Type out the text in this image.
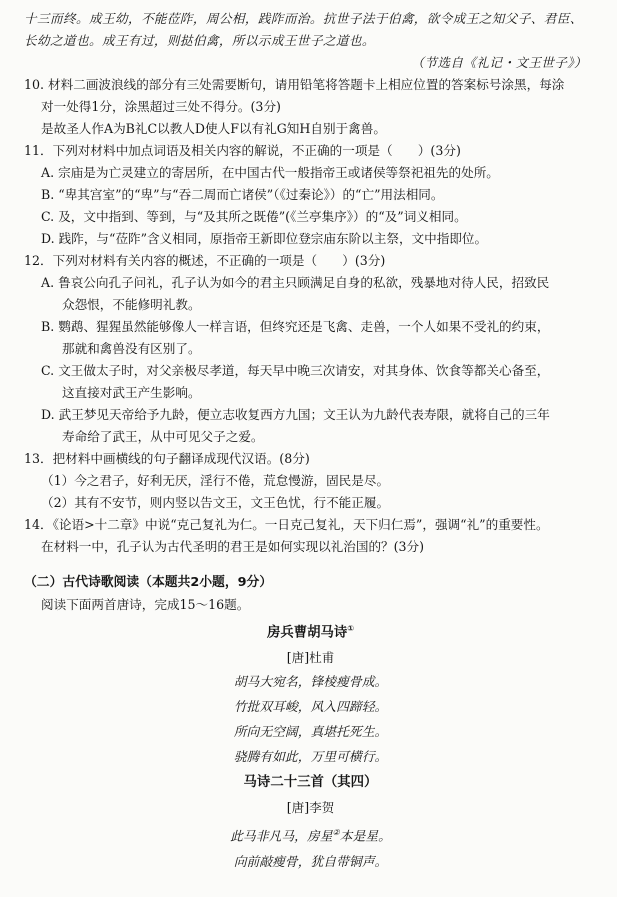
十三而终。成王幼，不能莅阼，周公相，践阼而治。抗世子法于伯禽，欲令成王之知父子、君臣、

长幼之道也。成王有过，则挞伯禽，所以示成王世子之道也。

（节选自《礼记・文王世子》）

10. 材料二画波浪线的部分有三处需要断句，请用铅笔将答题卡上相应位置的答案标号涂黑，每涂

对一处得1分，涂黑超过三处不得分。(3分)

是故圣人作A为B礼C以教人D使人F以有礼G知H自别于禽兽。

11．下列对材料中加点词语及相关内容的解说，不正确的一项是（　　）(3分)

A. 宗庙是为亡灵建立的寄居所，在中国古代一般指帝王或诸侯等祭祀祖先的处所。

B. “卑其宫室”的“卑”与“吞二周而亡诸侯”（《过秦论》）的“亡”用法相同。

C. 及，文中指到、等到，与“及其所之既倦”(《兰亭集序》）的“及”词义相同。

D. 践阼，与“莅阼”含义相同，原指帝王新即位登宗庙东阶以主祭，文中指即位。

12．下列对材料有关内容的概述，不正确的一项是（　　）(3分)

A. 鲁哀公向孔子问礼，孔子认为如今的君主只顾满足自身的私欲，残暴地对待人民，招致民

众怨恨，不能修明礼教。

B. 鹦鹉、猩猩虽然能够像人一样言语，但终究还是飞禽、走兽，一个人如果不受礼的约束，

那就和禽兽没有区别了。

C. 文王做太子时，对父亲极尽孝道，每天早中晚三次请安，对其身体、饮食等都关心备至，

这直接对武王产生影响。

D. 武王梦见天帝给予九龄，便立志收复西方九国；文王认为九龄代表寿限，就将自己的三年

寿命给了武王，从中可见父子之爱。

13．把材料中画横线的句子翻译成现代汉语。(8分)

（1）今之君子，好利无厌，淫行不倦，荒怠慢游，固民是尽。

（2）其有不安节，则内竖以告文王，文王色忧，行不能正履。

14．《论语>十二章》中说“克己复礼为仁。一日克己复礼，天下归仁焉”，强调“礼”的重要性。

在材料一中，孔子认为古代圣明的君王是如何实现以礼治国的？(3分)

（二）古代诗歌阅读（本题共2小题，9分）

阅读下面两首唐诗，完成15～16题。

房兵曹胡马诗①
[唐]杜甫
胡马大宛名，锋棱瘦骨成。
竹批双耳峻，风入四蹄轻。
所向无空阔，真堪托死生。
骁腾有如此，万里可横行。
马诗二十三首（其四）
[唐]李贺
此马非凡马，房星②本是星。
向前敲瘦骨，犹自带铜声。
